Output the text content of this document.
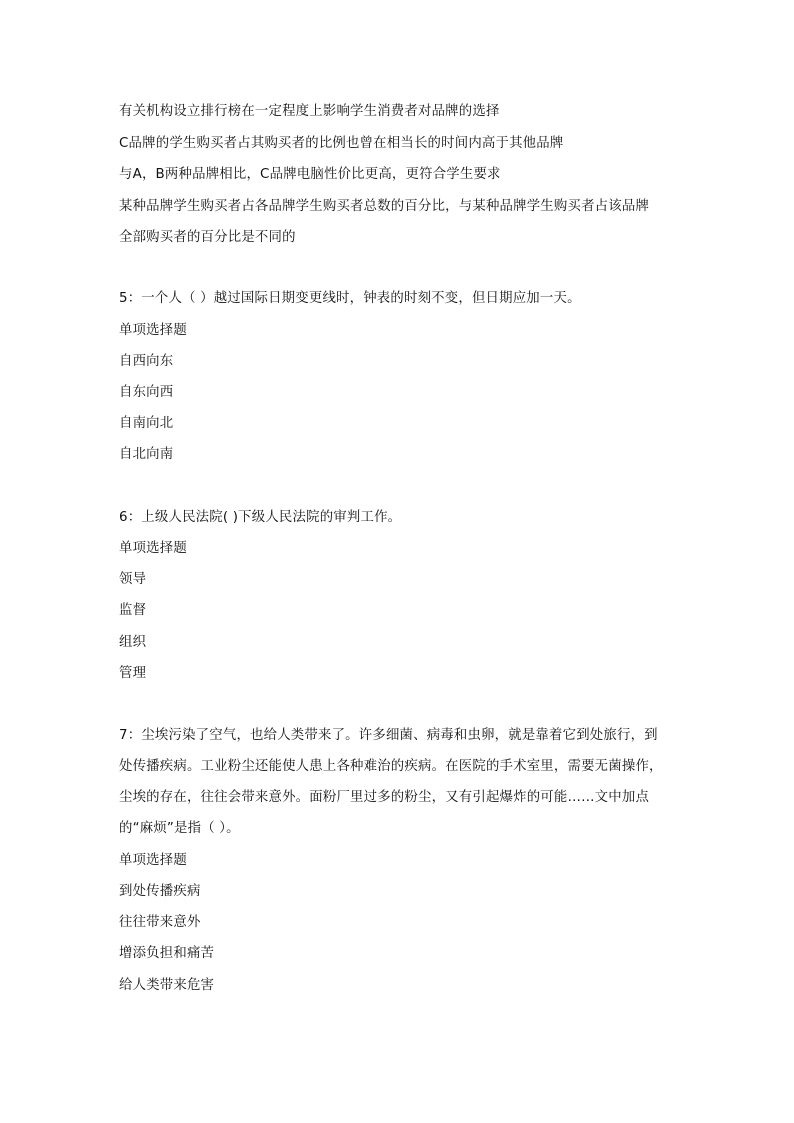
有关机构设立排行榜在一定程度上影响学生消费者对品牌的选择
C品牌的学生购买者占其购买者的比例也曾在相当长的时间内高于其他品牌
与A，B两种品牌相比，C品牌电脑性价比更高，更符合学生要求
某种品牌学生购买者占各品牌学生购买者总数的百分比，与某种品牌学生购买者占该品牌
全部购买者的百分比是不同的
5：一个人（ ）越过国际日期变更线时，钟表的时刻不变，但日期应加一天。
单项选择题
自西向东
自东向西
自南向北
自北向南
6：上级人民法院( )下级人民法院的审判工作。
单项选择题
领导
监督
组织
管理
7：尘埃污染了空气，也给人类带来了。许多细菌、病毒和虫卵，就是靠着它到处旅行，到
处传播疾病。工业粉尘还能使人患上各种难治的疾病。在医院的手术室里，需要无菌操作，
尘埃的存在，往往会带来意外。面粉厂里过多的粉尘，又有引起爆炸的可能……文中加点
的“麻烦”是指（ ）。
单项选择题
到处传播疾病
往往带来意外
增添负担和痛苦
给人类带来危害
